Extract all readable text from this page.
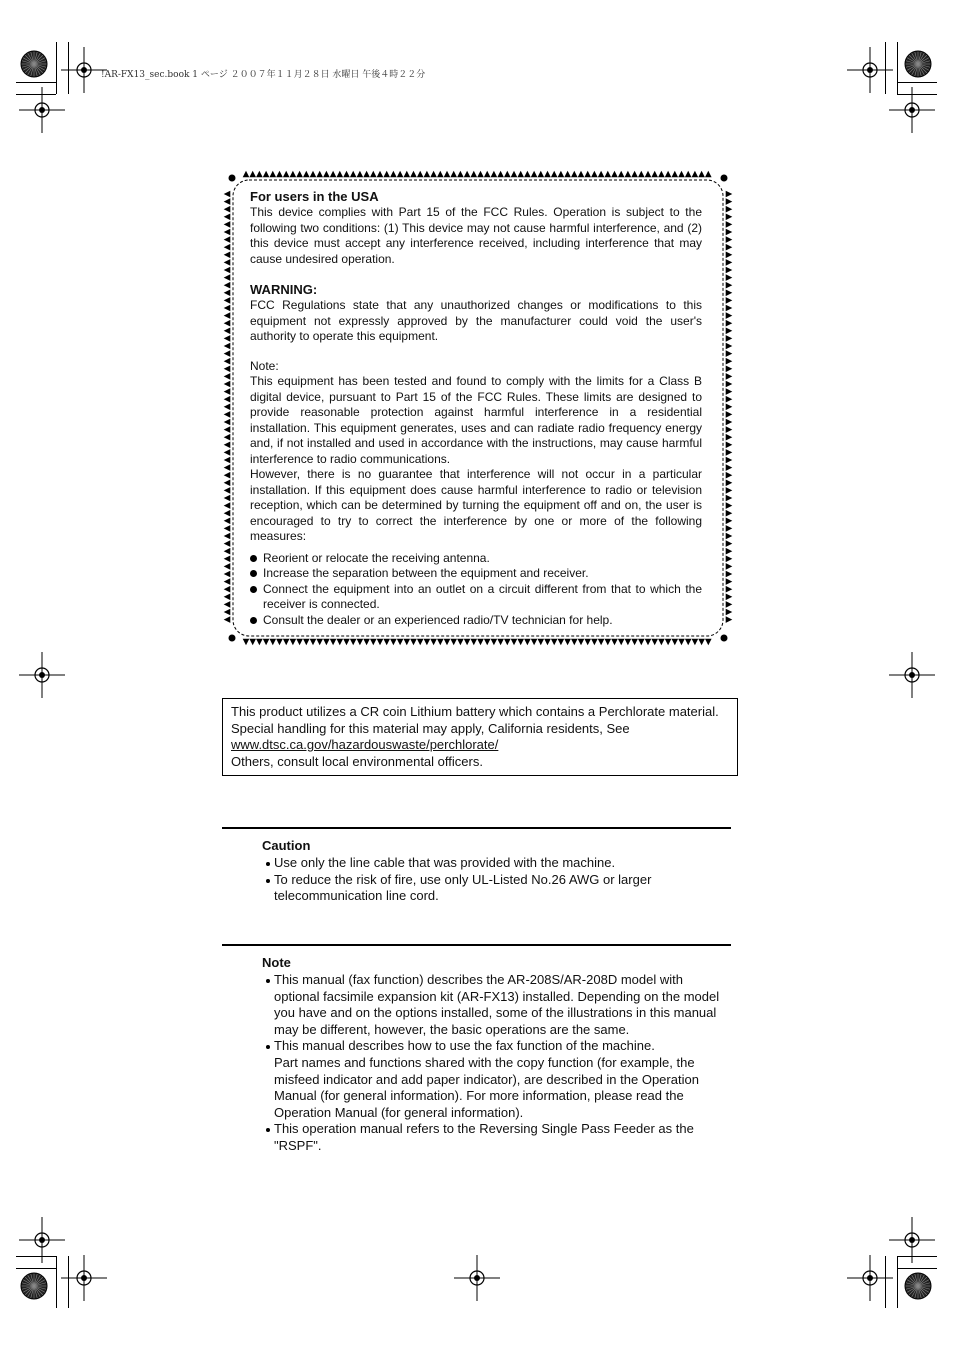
!AR-FX13_sec.book 1 ページ ２００７年１１月２８日 水曜日 午後４時２２分
For users in the USA

This device complies with Part 15 of the FCC Rules. Operation is subject to the following two conditions: (1) This device may not cause harmful interference, and (2) this device must accept any interference received, including interference that may cause undesired operation.

WARNING:

FCC Regulations state that any unauthorized changes or modifications to this equipment not expressly approved by the manufacturer could void the user's authority to operate this equipment.

Note:

This equipment has been tested and found to comply with the limits for a Class B digital device, pursuant to Part 15 of the FCC Rules. These limits are designed to provide reasonable protection against harmful interference in a residential installation. This equipment generates, uses and can radiate radio frequency energy and, if not installed and used in accordance with the instructions, may cause harmful interference to radio communications.

However, there is no guarantee that interference will not occur in a particular installation. If this equipment does cause harmful interference to radio or television reception, which can be determined by turning the equipment off and on, the user is encouraged to try to correct the interference by one or more of the following measures:

Reorient or relocate the receiving antenna.
Increase the separation between the equipment and receiver.
Connect the equipment into an outlet on a circuit different from that to which the receiver is connected.
Consult the dealer or an experienced radio/TV technician for help.

This product utilizes a CR coin Lithium battery which contains a Perchlorate material. Special handling for this material may apply, California residents, See

www.dtsc.ca.gov/hazardouswaste/perchlorate/

Others, consult local environmental officers.

Caution
Use only the line cable that was provided with the machine.
To reduce the risk of fire, use only UL-Listed No.26 AWG or larger telecommunication line cord.
Note
This manual (fax function) describes the AR-208S/AR-208D model with optional facsimile expansion kit (AR-FX13) installed. Depending on the model you have and on the options installed, some of the illustrations in this manual may be different, however, the basic operations are the same.
This manual describes how to use the fax function of the machine.
Part names and functions shared with the copy function (for example, the misfeed indicator and add paper indicator), are described in the Operation Manual (for general information). For more information, please read the Operation Manual (for general information).
This operation manual refers to the Reversing Single Pass Feeder as the "RSPF".
